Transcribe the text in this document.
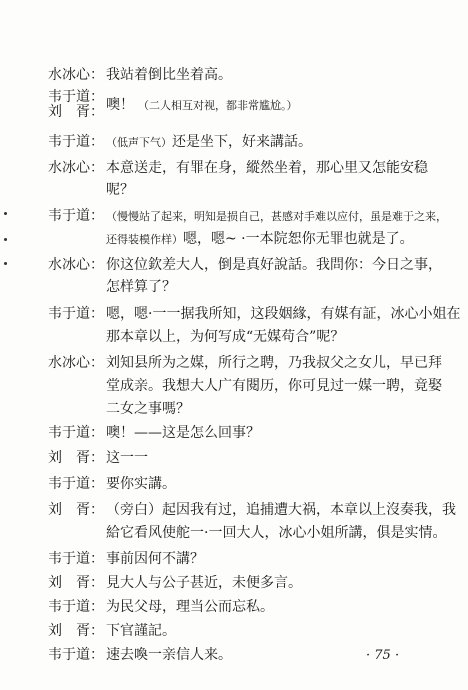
水冰心： 我站着倒比坐着高。
韦于道：
刘　胥： 噢！ （二人相互对视，都非常尴尬。）
韦于道： （低声下气）还是坐下，好来講話。
水冰心： 本意送走，有罪在身，縱然坐着，那心里又怎能安稳
呢？
韦于道： （慢慢站了起来，明知是损自己，甚感对手难以应付，虽是难于之来，
还得装模作样）嗯，嗯~ ·一本院恕你无罪也就是了。
水冰心： 你这位欽差大人，倒是真好說話。我問你：今日之事，
怎样算了？
韦于道： 嗯，嗯·一一据我所知，这段姻緣，有媒有証，冰心小姐在
那本章以上，为何写成“无媒苟合”呢？
水冰心： 刘知县所为之媒，所行之聘，乃我叔父之女儿，早已拜
堂成亲。我想大人广有閱历，你可見过一媒一聘，竟娶
二女之事嗎？
韦于道： 噢！——这是怎么回事？
刘　胥： 这一一
韦于道： 要你实講。
刘　胥： （旁白）起因我有过，追捕遭大祸，本章以上沒奏我，我
給它看风使舵一·一回大人，冰心小姐所講，俱是实情。
韦于道： 事前因何不講？
刘　胥： 見大人与公子甚近，未便多言。
韦于道： 为民父母，理当公而忘私。
刘　胥： 下官謹記。
韦于道： 速去喚一亲信人来。	· 75 ·
